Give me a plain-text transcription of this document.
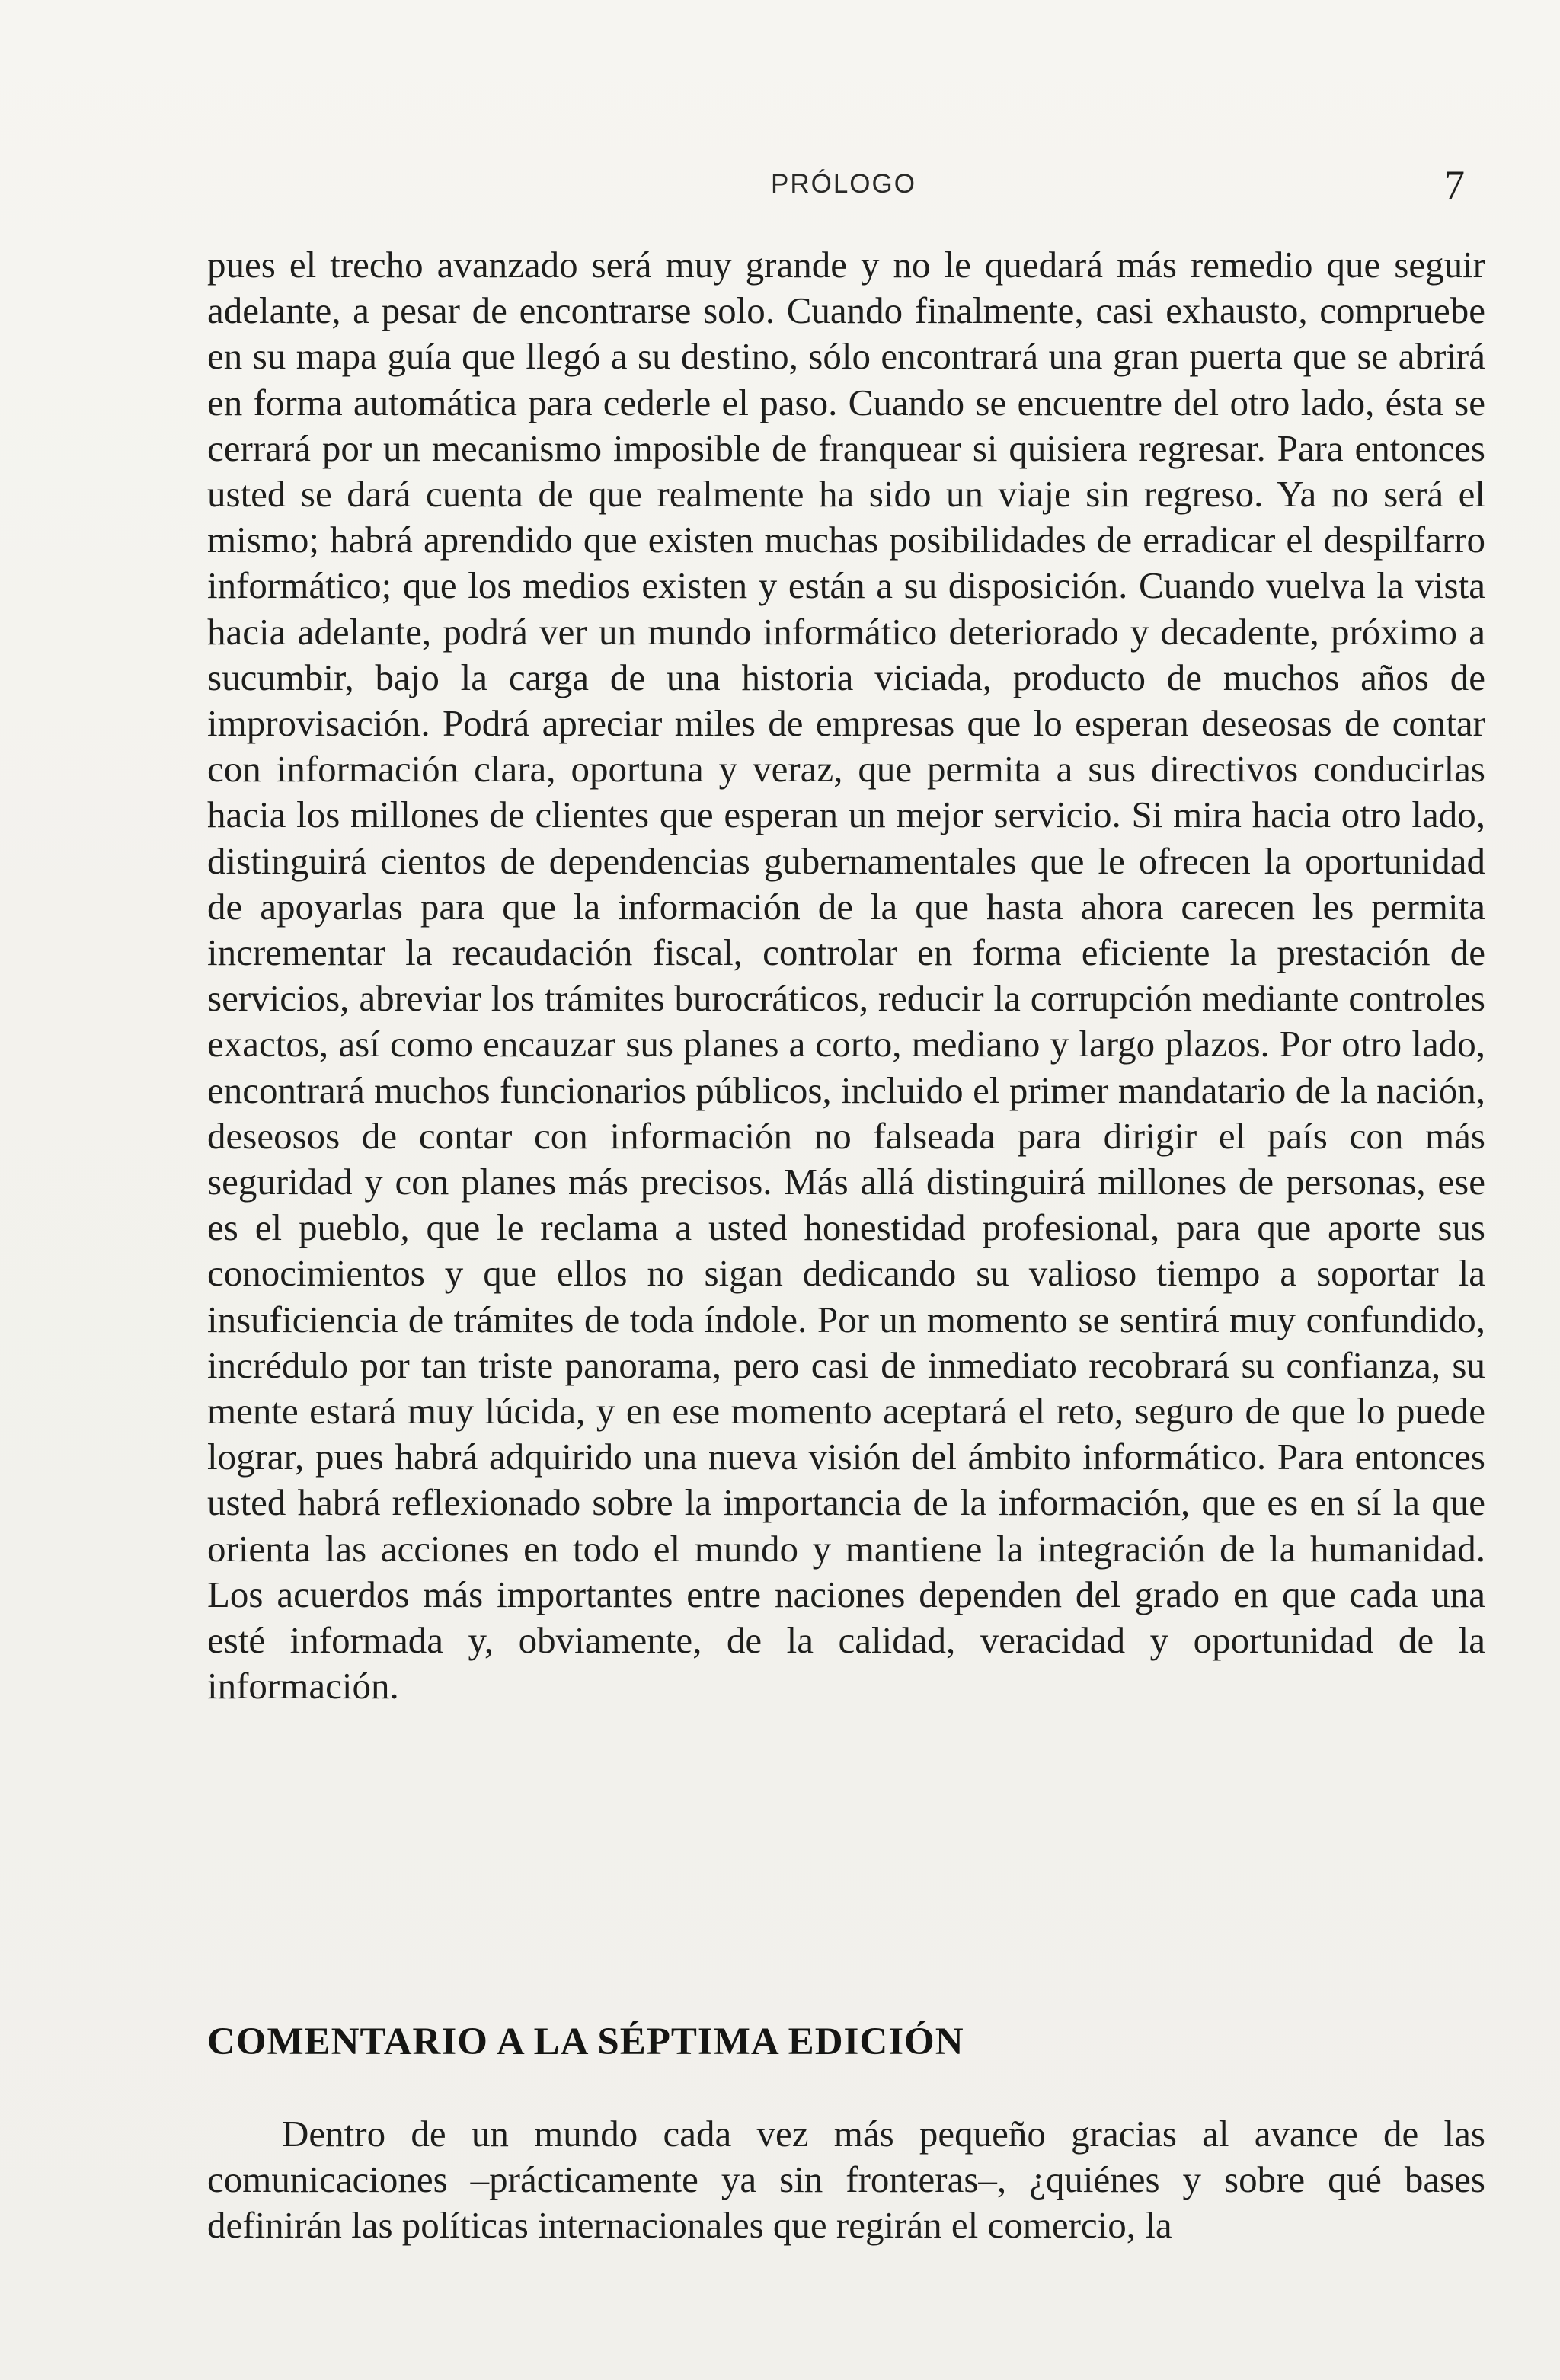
PRÓLOGO	7

pues el trecho avanzado será muy grande y no le quedará más remedio que seguir adelante, a pesar de encontrarse solo. Cuando finalmente, casi exhausto, compruebe en su mapa guía que llegó a su destino, sólo encontrará una gran puerta que se abrirá en forma automática para cederle el paso. Cuando se encuentre del otro lado, ésta se cerrará por un mecanismo imposible de franquear si quisiera regresar. Para entonces usted se dará cuenta de que realmente ha sido un viaje sin regreso. Ya no será el mismo; habrá aprendido que existen muchas posibilidades de erradicar el despilfarro informático; que los medios existen y están a su disposición. Cuando vuelva la vista hacia adelante, podrá ver un mundo informático deteriorado y decadente, próximo a sucumbir, bajo la carga de una historia viciada, producto de muchos años de improvisación. Podrá apreciar miles de empresas que lo esperan deseosas de contar con información clara, oportuna y veraz, que permita a sus directivos conducirlas hacia los millones de clientes que esperan un mejor servicio. Si mira hacia otro lado, distinguirá cientos de dependencias gubernamentales que le ofrecen la oportunidad de apoyarlas para que la información de la que hasta ahora carecen les permita incrementar la recaudación fiscal, controlar en forma eficiente la prestación de servicios, abreviar los trámites burocráticos, reducir la corrupción mediante controles exactos, así como encauzar sus planes a corto, mediano y largo plazos. Por otro lado, encontrará muchos funcionarios públicos, incluido el primer mandatario de la nación, deseosos de contar con información no falseada para dirigir el país con más seguridad y con planes más precisos. Más allá distinguirá millones de personas, ese es el pueblo, que le reclama a usted honestidad profesional, para que aporte sus conocimientos y que ellos no sigan dedicando su valioso tiempo a soportar la insuficiencia de trámites de toda índole. Por un momento se sentirá muy confundido, incrédulo por tan triste panorama, pero casi de inmediato recobrará su confianza, su mente estará muy lúcida, y en ese momento aceptará el reto, seguro de que lo puede lograr, pues habrá adquirido una nueva visión del ámbito informático. Para entonces usted habrá reflexionado sobre la importancia de la información, que es en sí la que orienta las acciones en todo el mundo y mantiene la integración de la humanidad. Los acuerdos más importantes entre naciones dependen del grado en que cada una esté informada y, obviamente, de la calidad, veracidad y oportunidad de la información.

COMENTARIO A LA SÉPTIMA EDICIÓN

Dentro de un mundo cada vez más pequeño gracias al avance de las comunicaciones –prácticamente ya sin fronteras–, ¿quiénes y sobre qué bases definirán las políticas internacionales que regirán el comercio, la
